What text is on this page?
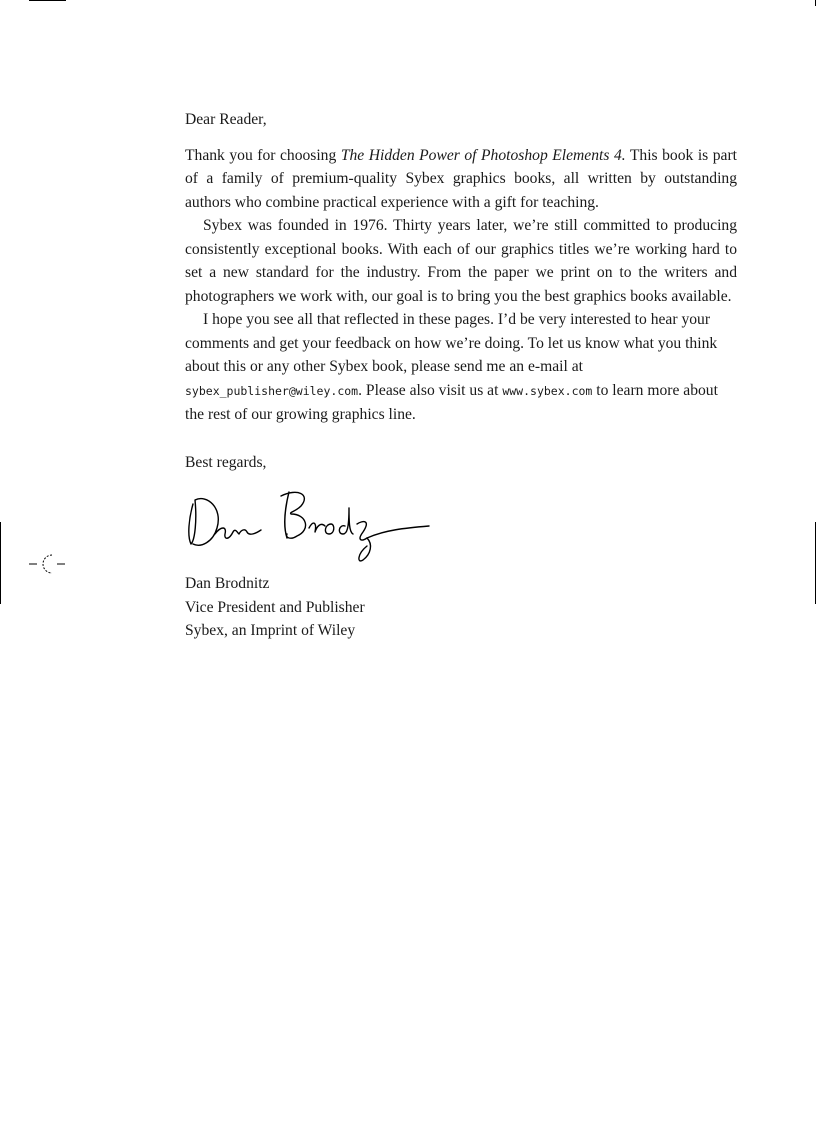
Dear Reader,

Thank you for choosing The Hidden Power of Photoshop Elements 4. This book is part of a family of premium-quality Sybex graphics books, all written by outstanding authors who combine practical experience with a gift for teaching.

Sybex was founded in 1976. Thirty years later, we’re still committed to producing consistently exceptional books. With each of our graphics titles we’re working hard to set a new standard for the industry. From the paper we print on to the writers and photographers we work with, our goal is to bring you the best graphics books available.

I hope you see all that reflected in these pages. I’d be very interested to hear your comments and get your feedback on how we’re doing. To let us know what you think about this or any other Sybex book, please send me an e-mail at sybex_publisher@wiley.com. Please also visit us at www.sybex.com to learn more about the rest of our growing graphics line.

Best regards,

Dan Brodnitz
Vice President and Publisher
Sybex, an Imprint of Wiley
